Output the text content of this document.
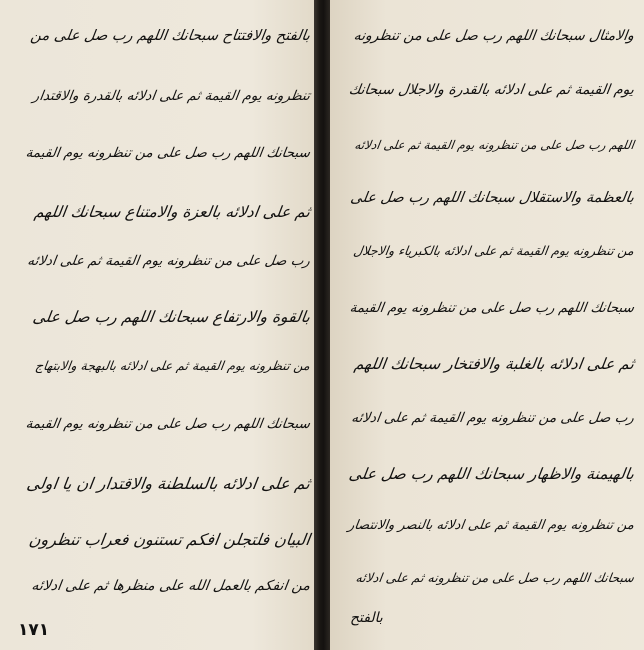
بالفتح والافتتاح سبحانك اللهم رب صل على من
تنظرونه يوم القيمة ثم على ادلائه بالقدرة والاقتدار
سبحانك اللهم رب صل على من تنظرونه يوم القيمة
ثم على ادلائه بالعزة والامتناع سبحانك اللهم
رب صل على من تنظرونه يوم القيمة ثم على ادلائه
بالقوة والارتفاع سبحانك اللهم رب صل على
من تنظرونه يوم القيمة ثم على ادلائه بالبهجة والابتهاج
سبحانك اللهم رب صل على من تنظرونه يوم القيمة
ثم على ادلائه بالسلطنة والاقتدار ان يا اولى
البيان فلتجلن افكم تستنون فعراب تنظرون
من انفكم بالعمل الله على منظرها ثم على ادلائه
١٧١
والامثال سبحانك اللهم رب صل على من تنظرونه
يوم القيمة ثم على ادلائه بالقدرة والاجلال سبحانك
اللهم رب صل على من تنظرونه يوم القيمة ثم على ادلائه
بالعظمة والاستقلال سبحانك اللهم رب صل على
من تنظرونه يوم القيمة ثم على ادلائه بالكبرياء والاجلال
سبحانك اللهم رب صل على من تنظرونه يوم القيمة
ثم على ادلائه بالغلبة والافتخار سبحانك اللهم
رب صل على من تنظرونه يوم القيمة ثم على ادلائه
بالهيمنة والاظهار سبحانك اللهم رب صل على
من تنظرونه يوم القيمة ثم على ادلائه بالنصر والانتصار
سبحانك اللهم رب صل على من تنظرونه ثم على ادلائه
بالفتح
